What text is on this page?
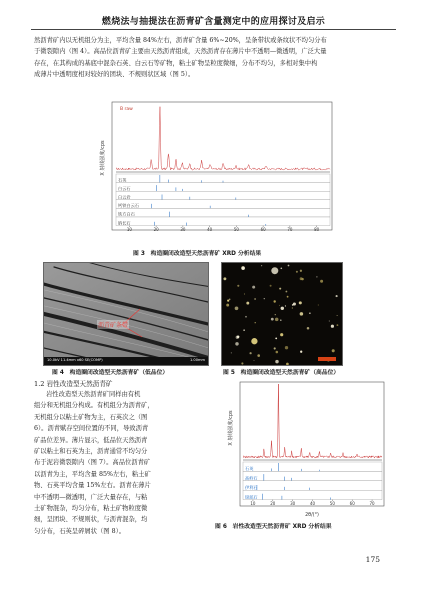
燃烧法与抽提法在沥青矿含量测定中的应用探讨及启示
然沥青矿内以无机组分为主，平均含量 84%左右，沥青矿含量 6%~20%，呈条带状或条纹状不均匀分布
于微裂隙内（图 4）。高品位沥青矿主要由天然沥青组成，天然沥青存在薄片中不透明—微透明，广泛大量
存在，在其构成的基底中混杂石英、白云石等矿物，粘土矿物呈粒度微细，分布不均匀，多相对集中构
成薄片中透明度相对较好的团块、不规则状区域（图 5）。
X 射线强度/cps
B raw
石英
白云石
白云岩
钙铁白云石
铁方白石
钠长石
10	20	30	40	50	60	70	80
图 3　构造圈闭改造型天然沥青矿 XRD 分析结果
沥青矿条带
10.0kV 11.4mm x60 SE(COMP)	1.00mm
图 4　构造圈闭改造型天然沥青矿（低品位）	图 5　构造圈闭改造型天然沥青矿（高品位）
1.2 岩性改造型天然沥青矿
岩性改造型天然沥青矿同样由有机
组分和无机组分构成。有机组分为沥青矿，
无机组分以粘土矿物为主，石英次之（图
6）。沥青赋存空间位置的不同，导致沥青
矿品位差异。薄片显示，低品位天然沥青
矿以粘土和石英为主，沥青通常不均匀分
布于泥岩微裂隙内（图 7）。高品位沥青矿
以沥青为主，平均含量 85%左右，粘土矿
物、石英平均含量 15%左右。沥青在薄片
中不透明—微透明，广泛大量存在，与粘
土矿物混杂，均匀分布，粘土矿物粒度微
细，呈团块、不规则状，与沥青混杂，均
匀分布，石英呈碎屑状（图 8）。
X 射线强度/cps
石英
高岭石
伊利石
绿泥石
10	20	30	40	50	60	70
2θ/(°)
图 6　岩性改造型天然沥青矿 XRD 分析结果
175
